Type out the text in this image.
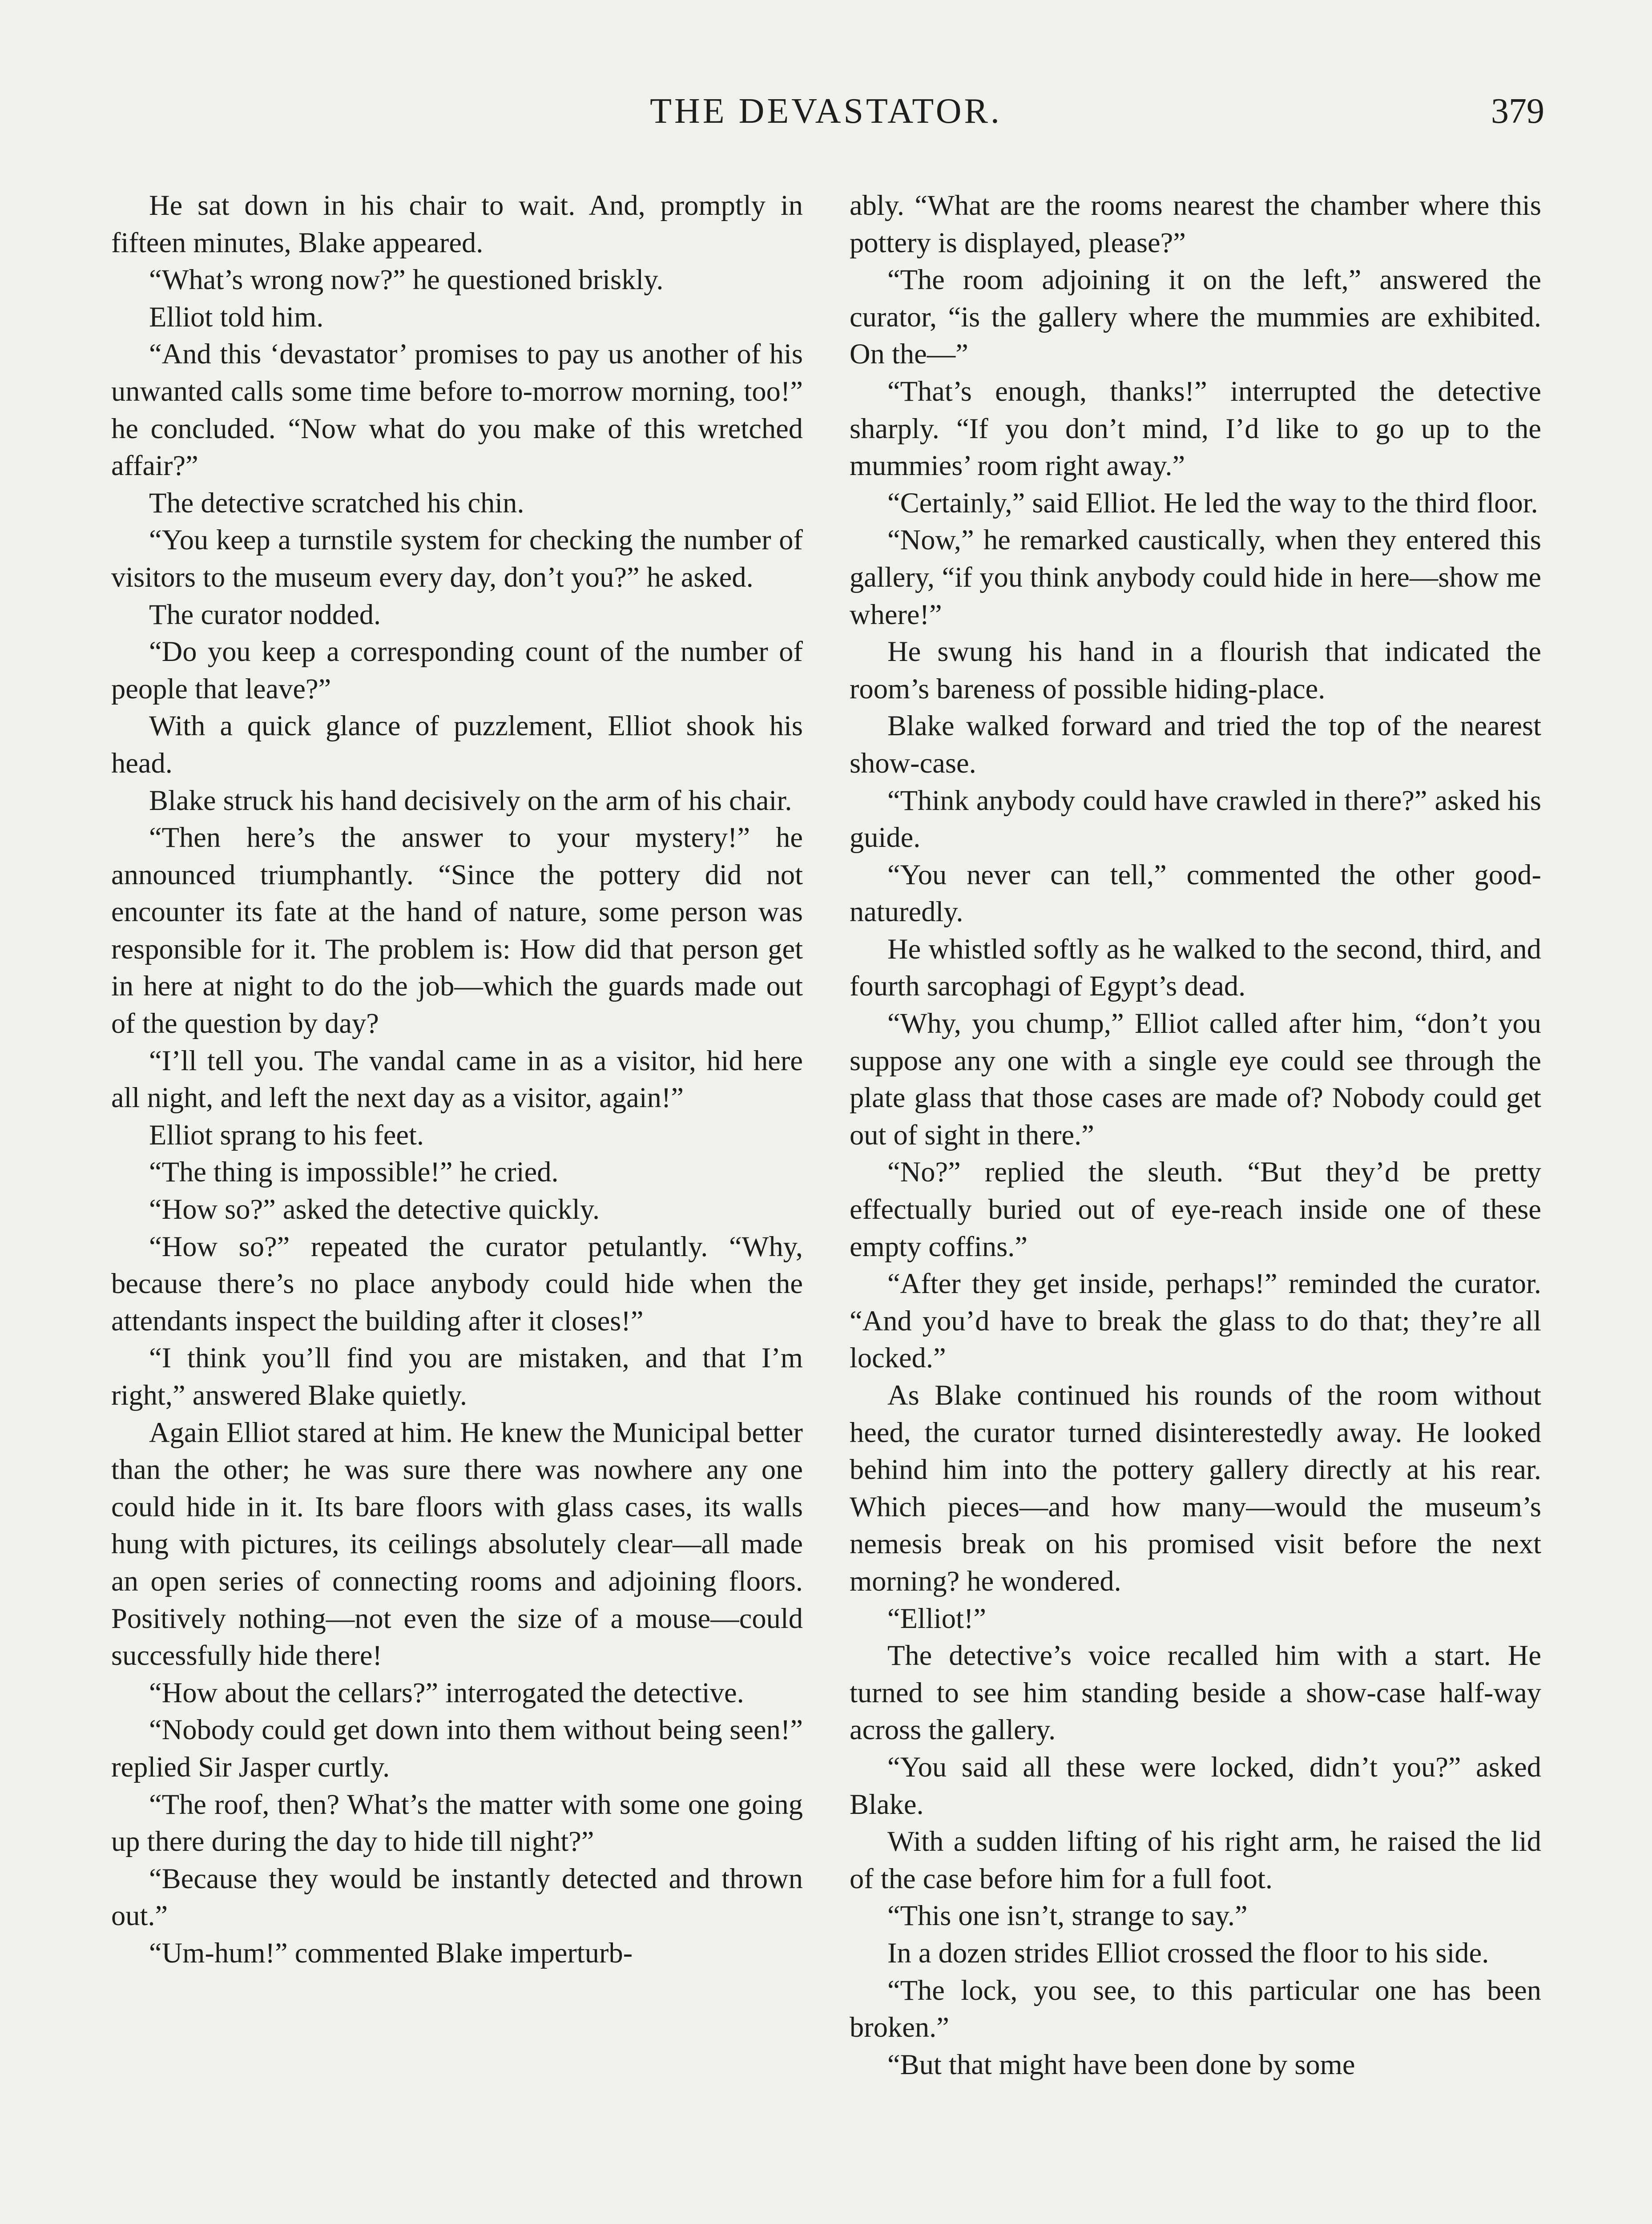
THE DEVASTATOR.	379

He sat down in his chair to wait. And, promptly in fifteen minutes, Blake appeared.

“What’s wrong now?” he questioned briskly.

Elliot told him.

“And this ‘devastator’ promises to pay us another of his unwanted calls some time before to-morrow morning, too!” he concluded. “Now what do you make of this wretched affair?”

The detective scratched his chin.

“You keep a turnstile system for checking the number of visitors to the museum every day, don’t you?” he asked.

The curator nodded.

“Do you keep a corresponding count of the number of people that leave?”

With a quick glance of puzzlement, Elliot shook his head.

Blake struck his hand decisively on the arm of his chair.

“Then here’s the answer to your mystery!” he announced triumphantly. “Since the pottery did not encounter its fate at the hand of nature, some person was responsible for it. The problem is: How did that person get in here at night to do the job—which the guards made out of the question by day?

“I’ll tell you. The vandal came in as a visitor, hid here all night, and left the next day as a visitor, again!”

Elliot sprang to his feet.

“The thing is impossible!” he cried.

“How so?” asked the detective quickly.

“How so?” repeated the curator petulantly. “Why, because there’s no place anybody could hide when the attendants inspect the building after it closes!”

“I think you’ll find you are mistaken, and that I’m right,” answered Blake quietly.

Again Elliot stared at him. He knew the Municipal better than the other; he was sure there was nowhere any one could hide in it. Its bare floors with glass cases, its walls hung with pictures, its ceilings absolutely clear—all made an open series of connecting rooms and adjoining floors. Positively nothing—not even the size of a mouse—could successfully hide there!

“How about the cellars?” interrogated the detective.

“Nobody could get down into them without being seen!” replied Sir Jasper curtly.

“The roof, then? What’s the matter with some one going up there during the day to hide till night?”

“Because they would be instantly detected and thrown out.”

“Um-hum!” commented Blake imperturb-

ably. “What are the rooms nearest the chamber where this pottery is displayed, please?”

“The room adjoining it on the left,” answered the curator, “is the gallery where the mummies are exhibited. On the—”

“That’s enough, thanks!” interrupted the detective sharply. “If you don’t mind, I’d like to go up to the mummies’ room right away.”

“Certainly,” said Elliot. He led the way to the third floor.

“Now,” he remarked caustically, when they entered this gallery, “if you think anybody could hide in here—show me where!”

He swung his hand in a flourish that indicated the room’s bareness of possible hiding-place.

Blake walked forward and tried the top of the nearest show-case.

“Think anybody could have crawled in there?” asked his guide.

“You never can tell,” commented the other good-naturedly.

He whistled softly as he walked to the second, third, and fourth sarcophagi of Egypt’s dead.

“Why, you chump,” Elliot called after him, “don’t you suppose any one with a single eye could see through the plate glass that those cases are made of? Nobody could get out of sight in there.”

“No?” replied the sleuth. “But they’d be pretty effectually buried out of eye-reach inside one of these empty coffins.”

“After they get inside, perhaps!” reminded the curator. “And you’d have to break the glass to do that; they’re all locked.”

As Blake continued his rounds of the room without heed, the curator turned disinterestedly away. He looked behind him into the pottery gallery directly at his rear. Which pieces—and how many—would the museum’s nemesis break on his promised visit before the next morning? he wondered.

“Elliot!”

The detective’s voice recalled him with a start. He turned to see him standing beside a show-case half-way across the gallery.

“You said all these were locked, didn’t you?” asked Blake.

With a sudden lifting of his right arm, he raised the lid of the case before him for a full foot.

“This one isn’t, strange to say.”

In a dozen strides Elliot crossed the floor to his side.

“The lock, you see, to this particular one has been broken.”

“But that might have been done by some
